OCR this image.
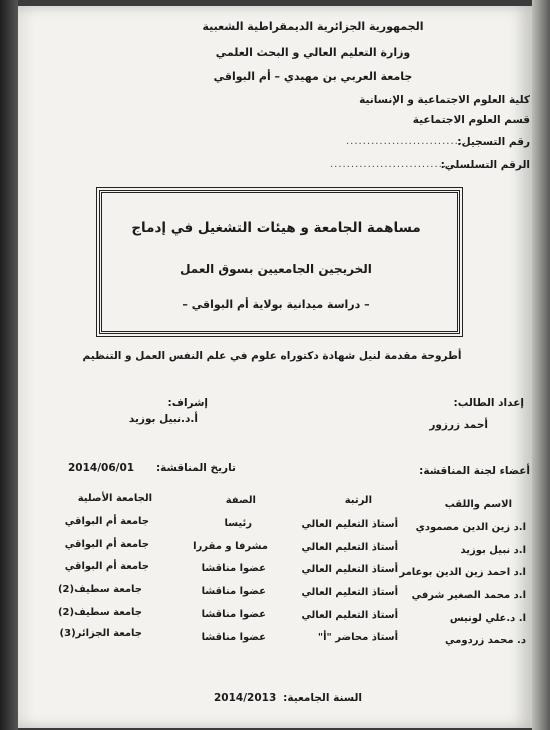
الجمهورية الجزائرية الديمقراطية الشعبية
وزارة التعليم العالي و البحث العلمي
جامعة العربي بن مهيدي – أم البواقي
كلية العلوم الاجتماعية و الإنسانية
قسم العلوم الاجتماعية
رقم التسجيل:
...............................
الرقم التسلسلي:
...............................
مساهمة الجامعة و هيئات التشغيل في إدماج
الخريجين الجامعيين بسوق العمل
– دراسة ميدانية بولاية أم البواقي –
أطروحة مقدمة لنيل شهادة دكتوراه علوم في علم النفس العمل و التنظيم
إعداد الطالب:
أحمد زرزور
إشراف:
أ.د.نبيل بوزيد
أعضاء لجنة المناقشة:
تاريخ المناقشة:
2014/06/01
الاسم واللقب
الرتبة
الصفة
الجامعة الأصلية
ا.د زين الدين مصمودي
أستاذ التعليم العالي
رئيسا
جامعة أم البواقي
ا.د نبيل بوزيد
أستاذ التعليم العالي
مشرفا و مقررا
جامعة أم البواقي
ا.د احمد زين الدين بوعامر
أستاذ التعليم العالي
عضوا مناقشا
جامعة أم البواقي
ا.د محمد الصغير شرفي
أستاذ التعليم العالي
عضوا مناقشا
جامعة سطيف(2)
ا. د.علي لونيس
أستاذ التعليم العالي
عضوا مناقشا
جامعة سطيف(2)
د. محمد زردومي
أستاذ محاضر "أ"
عضوا مناقشا
جامعة الجزائر(3)
السنة الجامعية:
2014/2013
